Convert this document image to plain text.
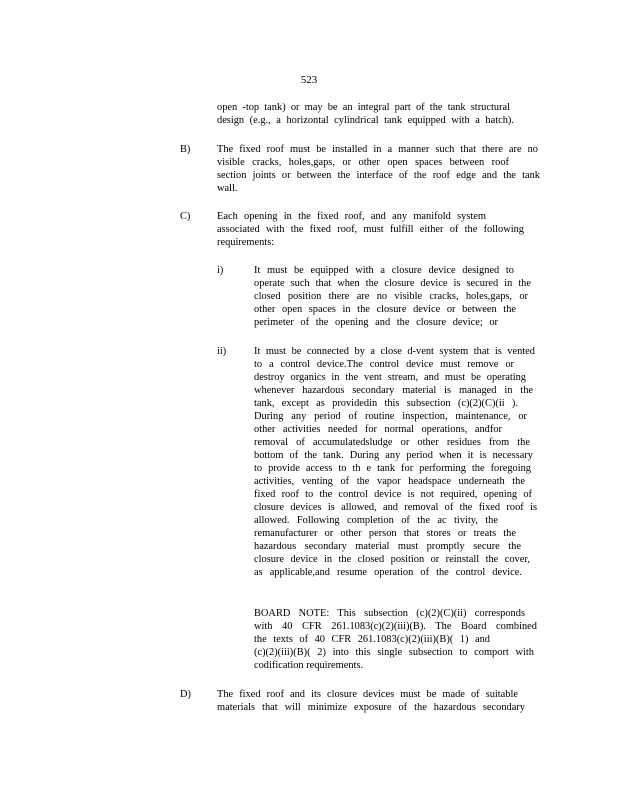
523
open -top tank) or may be an integral part of the tank structural
design (e.g., a horizontal cylindrical tank equipped with a hatch).
B)	The fixed roof must be installed in a manner such that there are no
visible cracks, holes,gaps, or other open spaces between roof
section joints or between the interface of the roof edge and the tank
wall.
C)	Each opening in the fixed roof, and any manifold system
associated with the fixed roof, must fulfill either of the following
requirements:
i)	It must be equipped with a closure device designed to
operate such that when the closure device is secured in the
closed position there are no visible cracks, holes,gaps, or
other open spaces in the closure device or between the
perimeter of the opening and the closure device; or
ii)	It must be connected by a close d-vent system that is vented
to a control device.The control device must remove or
destroy organics in the vent stream, and must be operating
whenever hazardous secondary material is managed in the
tank, except as providedin this subsection (c)(2)(C)(ii ).
During any period of routine inspection, maintenance, or
other activities needed for normal operations, andfor
removal of accumulatedsludge or other residues from the
bottom of the tank. During any period when it is necessary
to provide access to th e tank for performing the foregoing
activities, venting of the vapor headspace underneath the
fixed roof to the control device is not required, opening of
closure devices is allowed, and removal of the fixed roof is
allowed. Following completion of the ac tivity, the
remanufacturer or other person that stores or treats the
hazardous secondary material must promptly secure the
closure device in the closed position or reinstall the cover,
as applicable,and resume operation of the control device.
BOARD NOTE: This subsection (c)(2)(C)(ii) corresponds
with 40 CFR 261.1083(c)(2)(iii)(B). The Board combined
the texts of 40 CFR 261.1083(c)(2)(iii)(B)( 1) and
(c)(2)(iii)(B)( 2) into this single subsection to comport with
codification requirements.
D)	The fixed roof and its closure devices must be made of suitable
materials that will minimize exposure of the hazardous secondary
